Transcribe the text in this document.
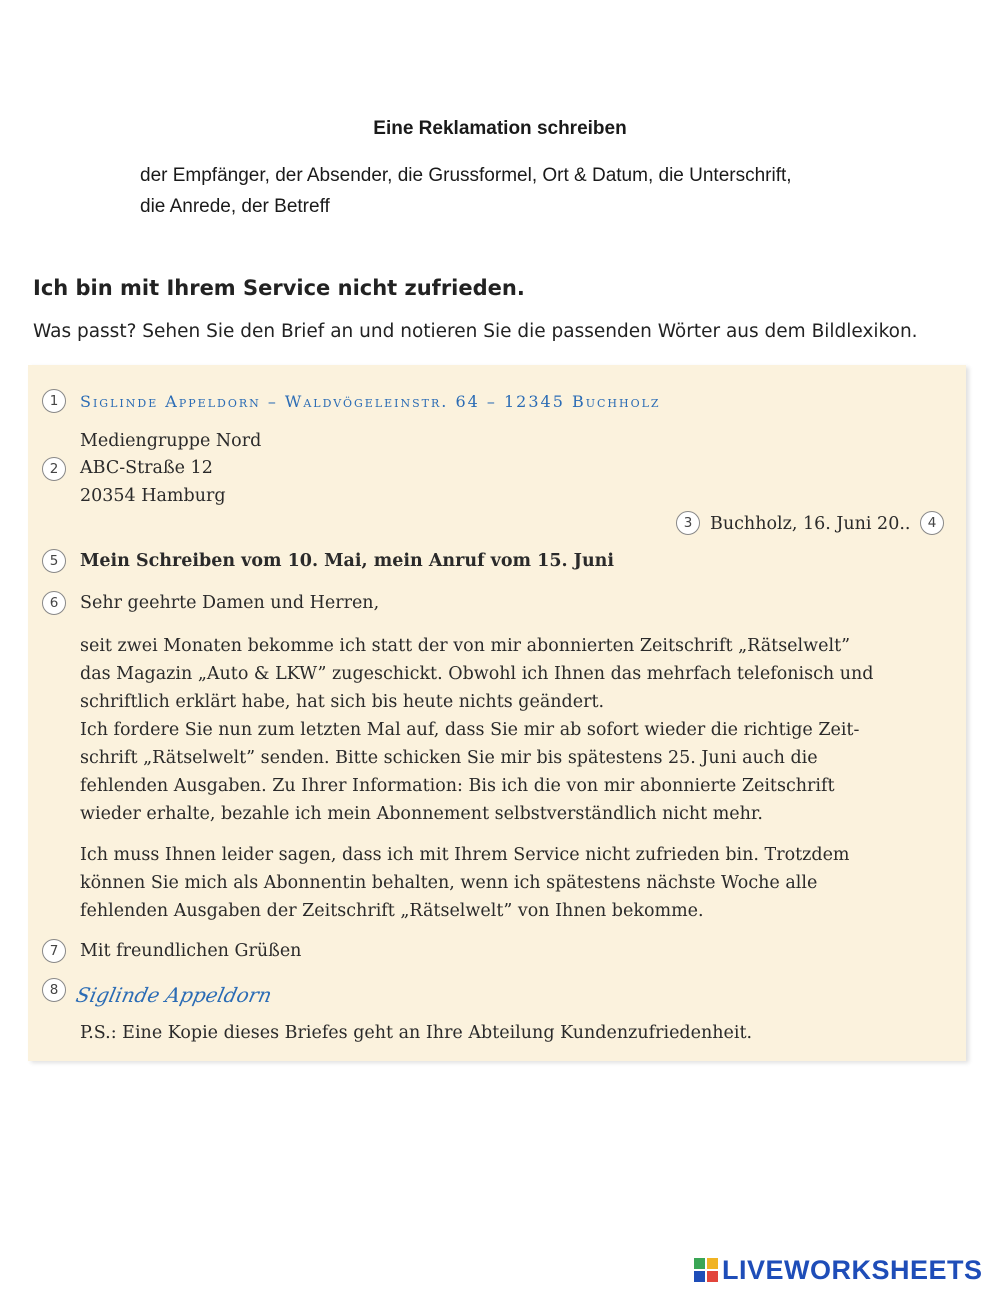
Eine Reklamation schreiben
der Empfänger, der Absender, die Grussformel, Ort & Datum, die Unterschrift, die Anrede, der Betreff
Ich bin mit Ihrem Service nicht zufrieden.
Was passt? Sehen Sie den Brief an und notieren Sie die passenden Wörter aus dem Bildlexikon.
1
2
3	4
5
6
7
8
Siglinde Appeldorn – Waldvögeleinstr. 64 – 12345 Buchholz
Mediengruppe Nord
ABC-Straße 12
20354 Hamburg
Buchholz, 16. Juni 20..
Mein Schreiben vom 10. Mai, mein Anruf vom 15. Juni
Sehr geehrte Damen und Herren,
seit zwei Monaten bekomme ich statt der von mir abonnierten Zeitschrift „Rätselwelt”
das Magazin „Auto & LKW” zugeschickt. Obwohl ich Ihnen das mehrfach telefonisch und
schriftlich erklärt habe, hat sich bis heute nichts geändert.
Ich fordere Sie nun zum letzten Mal auf, dass Sie mir ab sofort wieder die richtige Zeit-
schrift „Rätselwelt” senden. Bitte schicken Sie mir bis spätestens 25. Juni auch die
fehlenden Ausgaben. Zu Ihrer Information: Bis ich die von mir abonnierte Zeitschrift
wieder erhalte, bezahle ich mein Abonnement selbstverständlich nicht mehr.
Ich muss Ihnen leider sagen, dass ich mit Ihrem Service nicht zufrieden bin. Trotzdem
können Sie mich als Abonnentin behalten, wenn ich spätestens nächste Woche alle
fehlenden Ausgaben der Zeitschrift „Rätselwelt” von Ihnen bekomme.
Mit freundlichen Grüßen
Siglinde Appeldorn
P.S.: Eine Kopie dieses Briefes geht an Ihre Abteilung Kundenzufriedenheit.
LIVEWORKSHEETS
